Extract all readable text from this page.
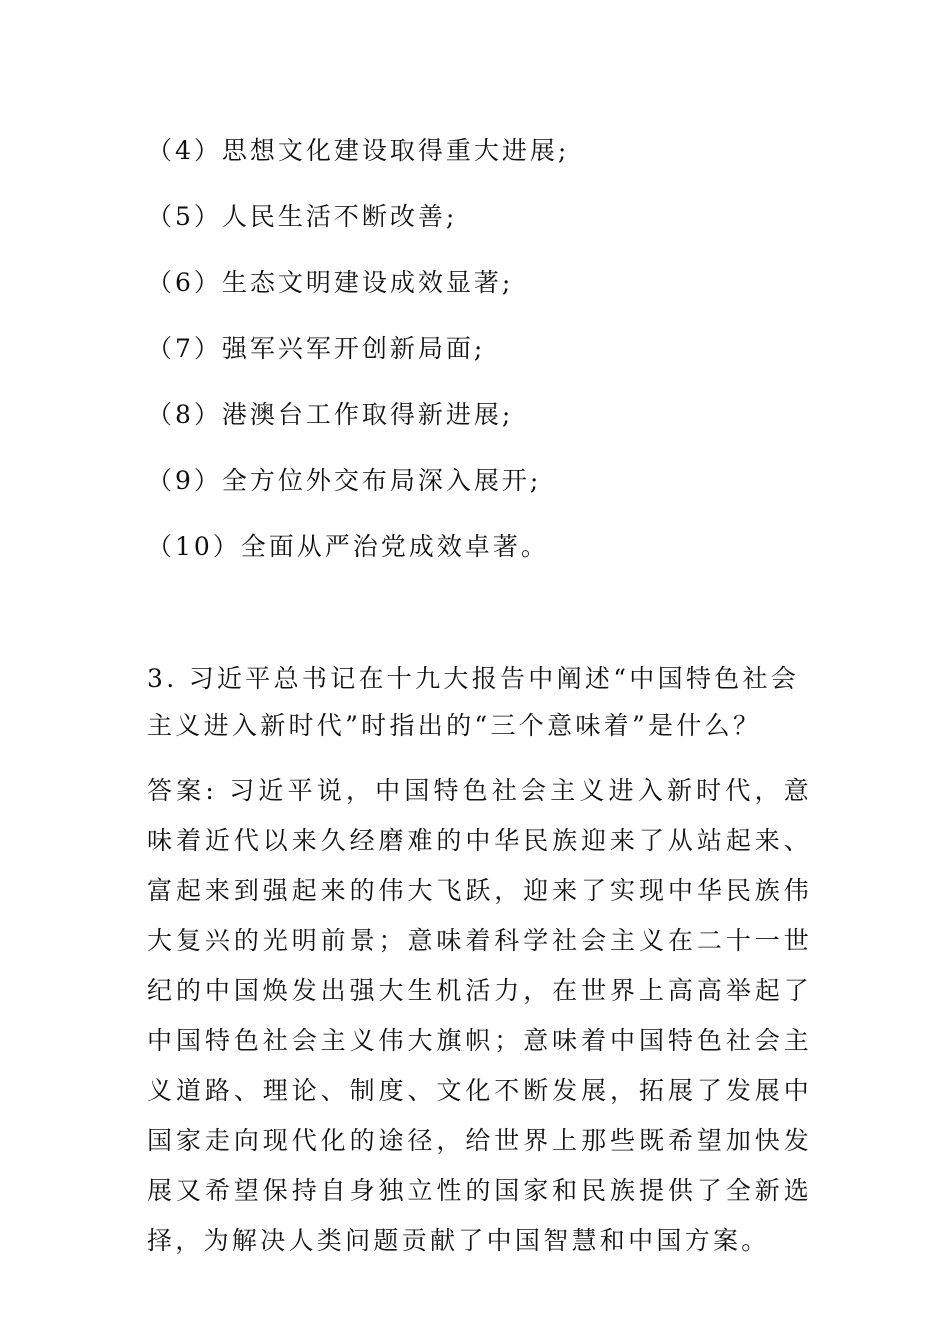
（4）思想文化建设取得重大进展;
（5）人民生活不断改善;
（6）生态文明建设成效显著;
（7）强军兴军开创新局面;
（8）港澳台工作取得新进展;
（9）全方位外交布局深入展开;
（10）全面从严治党成效卓著。

3. 习近平总书记在十九大报告中阐述“中国特色社会主义进入新时代”时指出的“三个意味着”是什么？

答案: 习近平说，中国特色社会主义进入新时代，意味着近代以来久经磨难的中华民族迎来了从站起来、富起来到强起来的伟大飞跃，迎来了实现中华民族伟大复兴的光明前景；意味着科学社会主义在二十一世纪的中国焕发出强大生机活力，在世界上高高举起了中国特色社会主义伟大旗帜；意味着中国特色社会主义道路、理论、制度、文化不断发展，拓展了发展中国家走向现代化的途径，给世界上那些既希望加快发展又希望保持自身独立性的国家和民族提供了全新选择，为解决人类问题贡献了中国智慧和中国方案。
